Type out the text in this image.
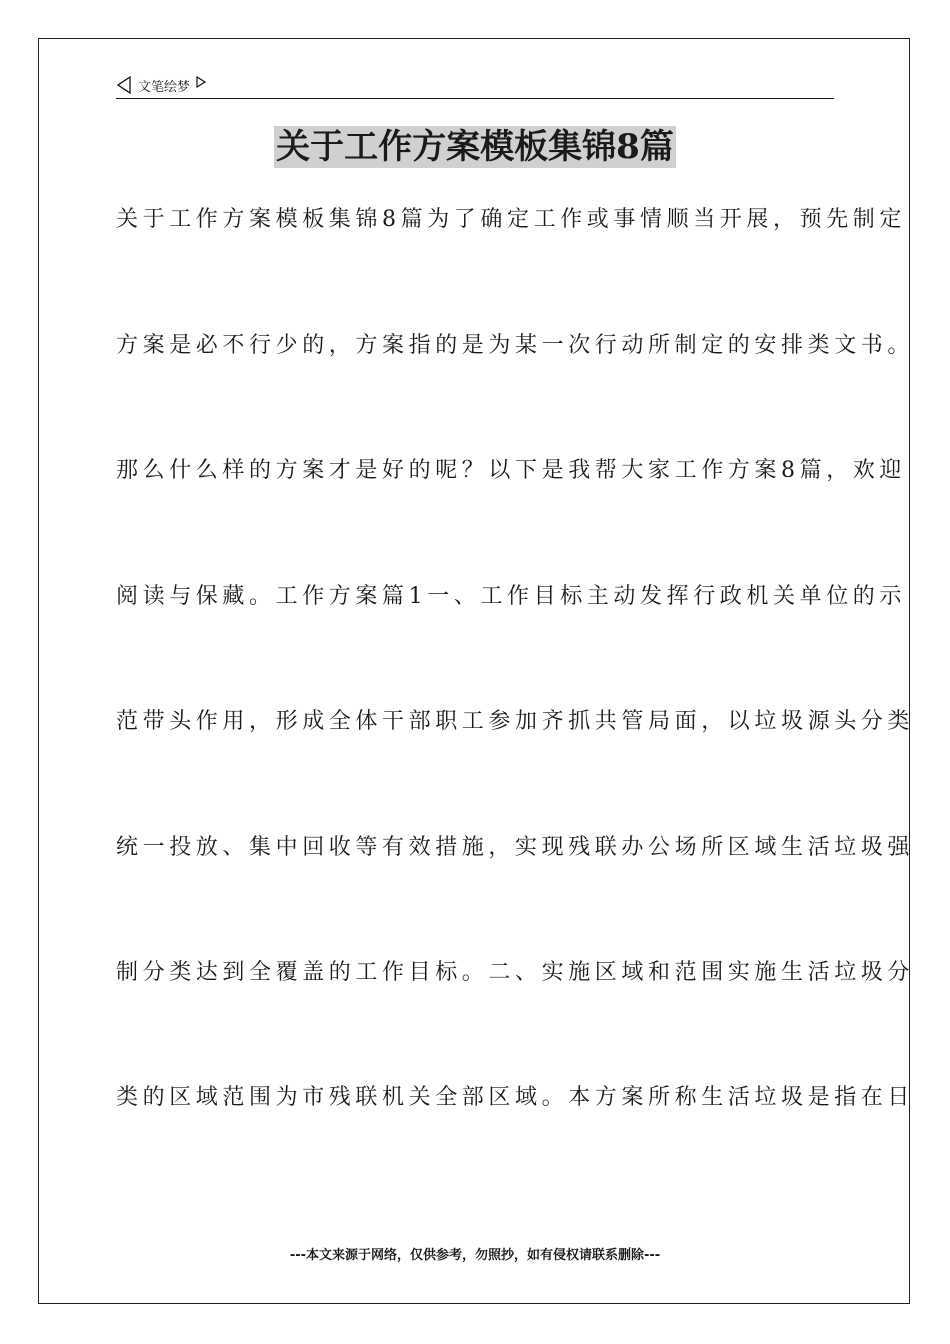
文笔绘梦
关于工作方案模板集锦8篇
关于工作方案模板集锦8篇为了确定工作或事情顺当开展，预先制定
方案是必不行少的，方案指的是为某一次行动所制定的安排类文书。
那么什么样的方案才是好的呢？以下是我帮大家工作方案8篇，欢迎
阅读与保藏。工作方案篇1一、工作目标主动发挥行政机关单位的示
范带头作用，形成全体干部职工参加齐抓共管局面，以垃圾源头分类
统一投放、集中回收等有效措施，实现残联办公场所区域生活垃圾强
制分类达到全覆盖的工作目标。二、实施区域和范围实施生活垃圾分
类的区域范围为市残联机关全部区域。本方案所称生活垃圾是指在日
---本文来源于网络，仅供参考，勿照抄，如有侵权请联系删除---
